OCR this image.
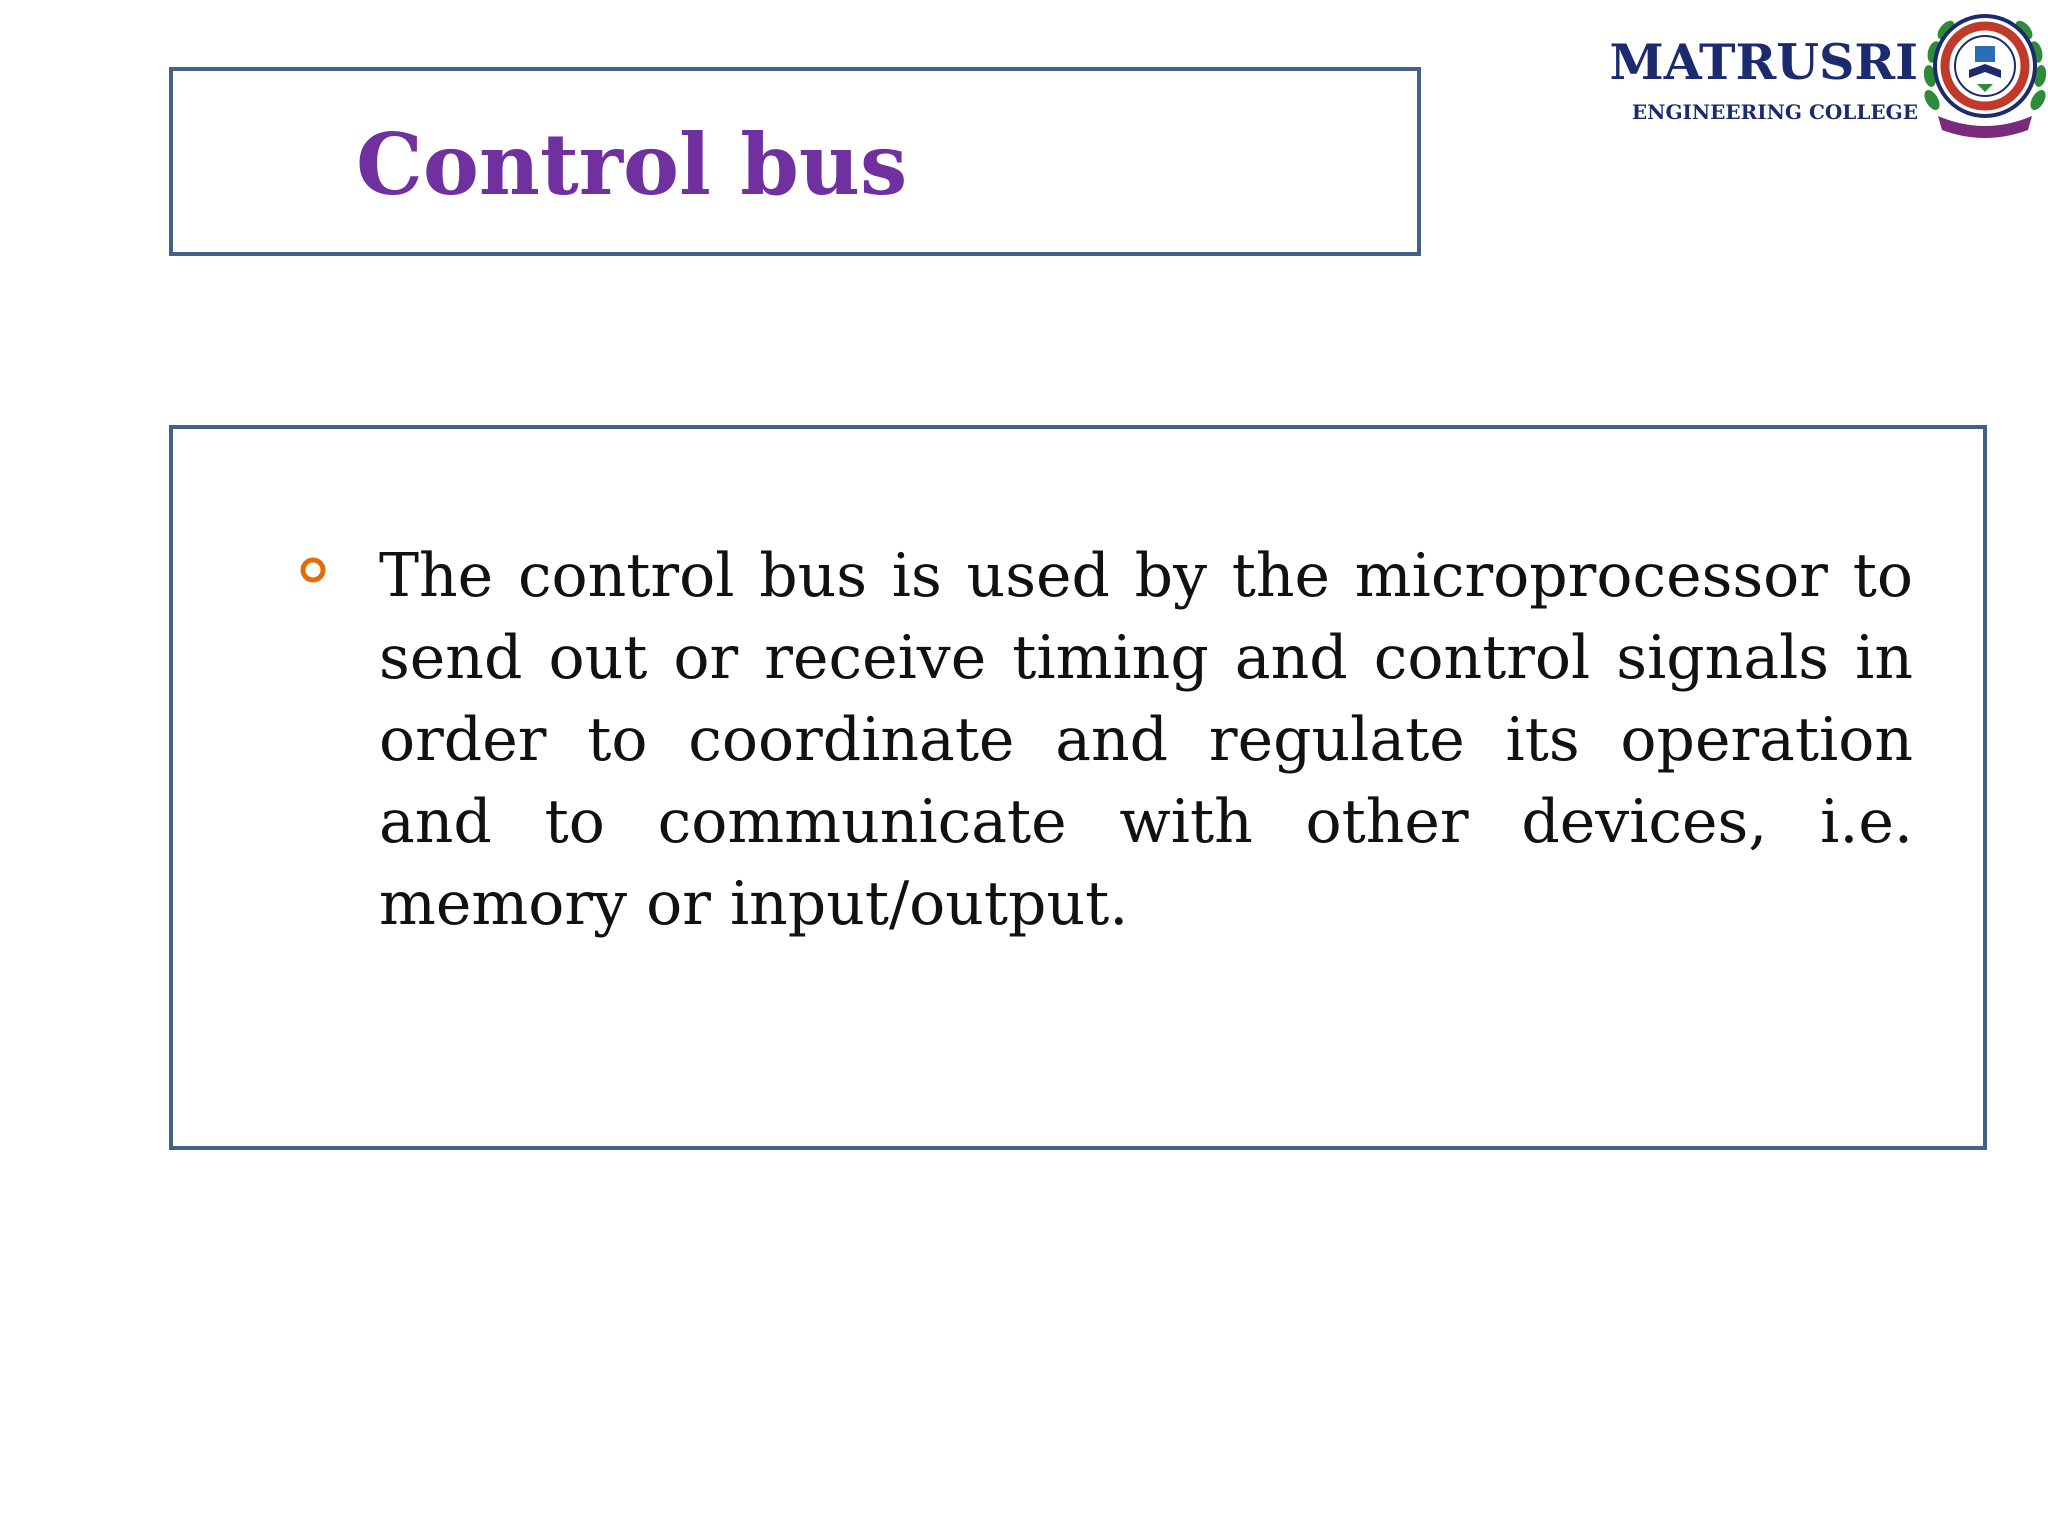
Control bus
MATRUSRI
ENGINEERING COLLEGE

The control bus is used by the microprocessor to send out or receive timing and control signals in order to coordinate and regulate its operation and to communicate with other devices, i.e. memory or input/output.
